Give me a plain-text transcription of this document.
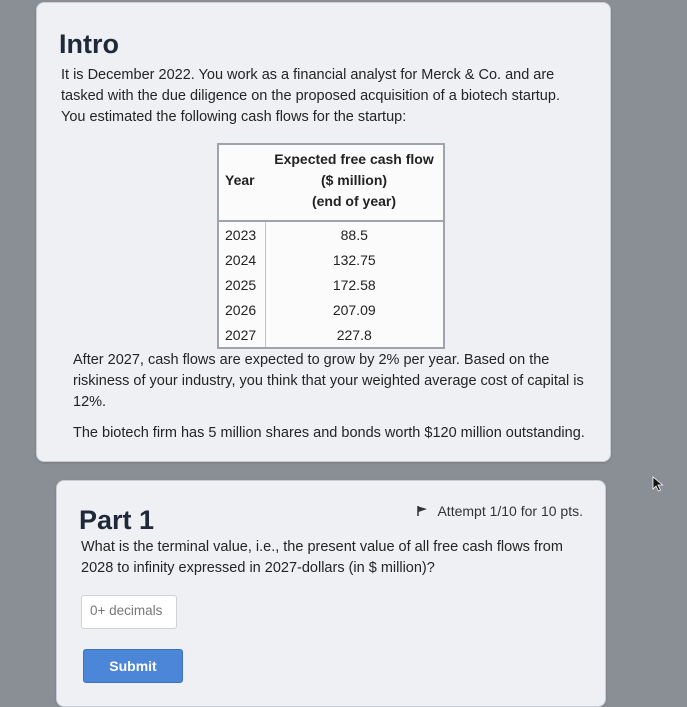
Intro
It is December 2022. You work as a financial analyst for Merck & Co. and are tasked with the due diligence on the proposed acquisition of a biotech startup. You estimated the following cash flows for the startup:
Year	Expected free cash flow
($ million)
(end of year)

2023	88.5
2024	132.75
2025	172.58
2026	207.09
2027	227.8
After 2027, cash flows are expected to grow by 2% per year. Based on the riskiness of your industry, you think that your weighted average cost of capital is 12%.
The biotech firm has 5 million shares and bonds worth $120 million outstanding.
Part 1	Attempt 1/10 for 10 pts.
What is the terminal value, i.e., the present value of all free cash flows from 2028 to infinity expressed in 2027-dollars (in $ million)?
0+ decimals
Submit
